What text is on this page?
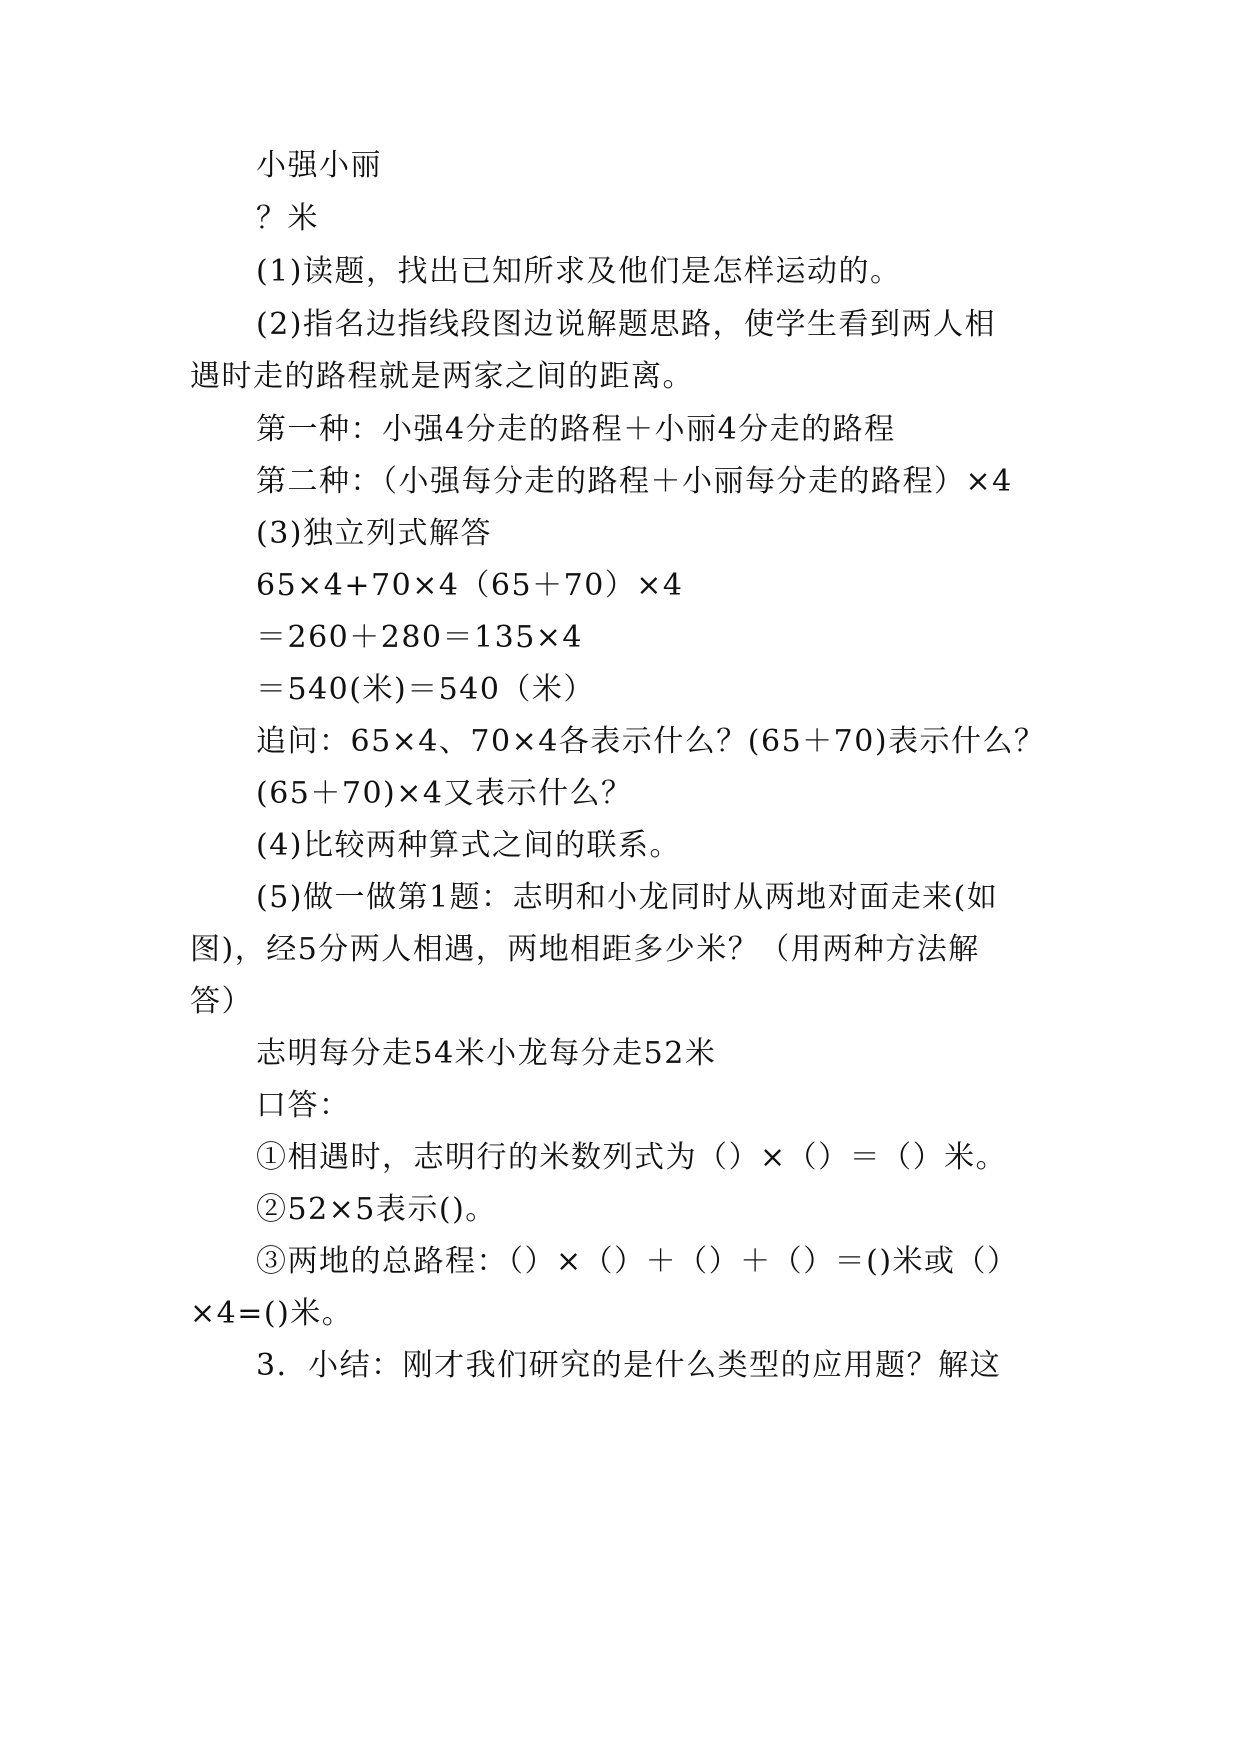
小强小丽
？米
(1)读题，找出已知所求及他们是怎样运动的。
(2)指名边指线段图边说解题思路，使学生看到两人相
遇时走的路程就是两家之间的距离。
第一种：小强4分走的路程＋小丽4分走的路程
第二种：（小强每分走的路程＋小丽每分走的路程）×4
(3)独立列式解答
65×4+70×4（65＋70）×4
＝260＋280＝135×4
＝540(米)＝540（米）
追问：65×4、70×4各表示什么？(65＋70)表示什么？
(65＋70)×4又表示什么？
(4)比较两种算式之间的联系。
(5)做一做第1题：志明和小龙同时从两地对面走来(如
图)，经5分两人相遇，两地相距多少米？（用两种方法解
答）
志明每分走54米小龙每分走52米
口答：
①相遇时，志明行的米数列式为（）×（）＝（）米。
②52×5表示()。
③两地的总路程：（）×（）＋（）＋（）＝()米或（）
×4=()米。
3．小结：刚才我们研究的是什么类型的应用题？解这
